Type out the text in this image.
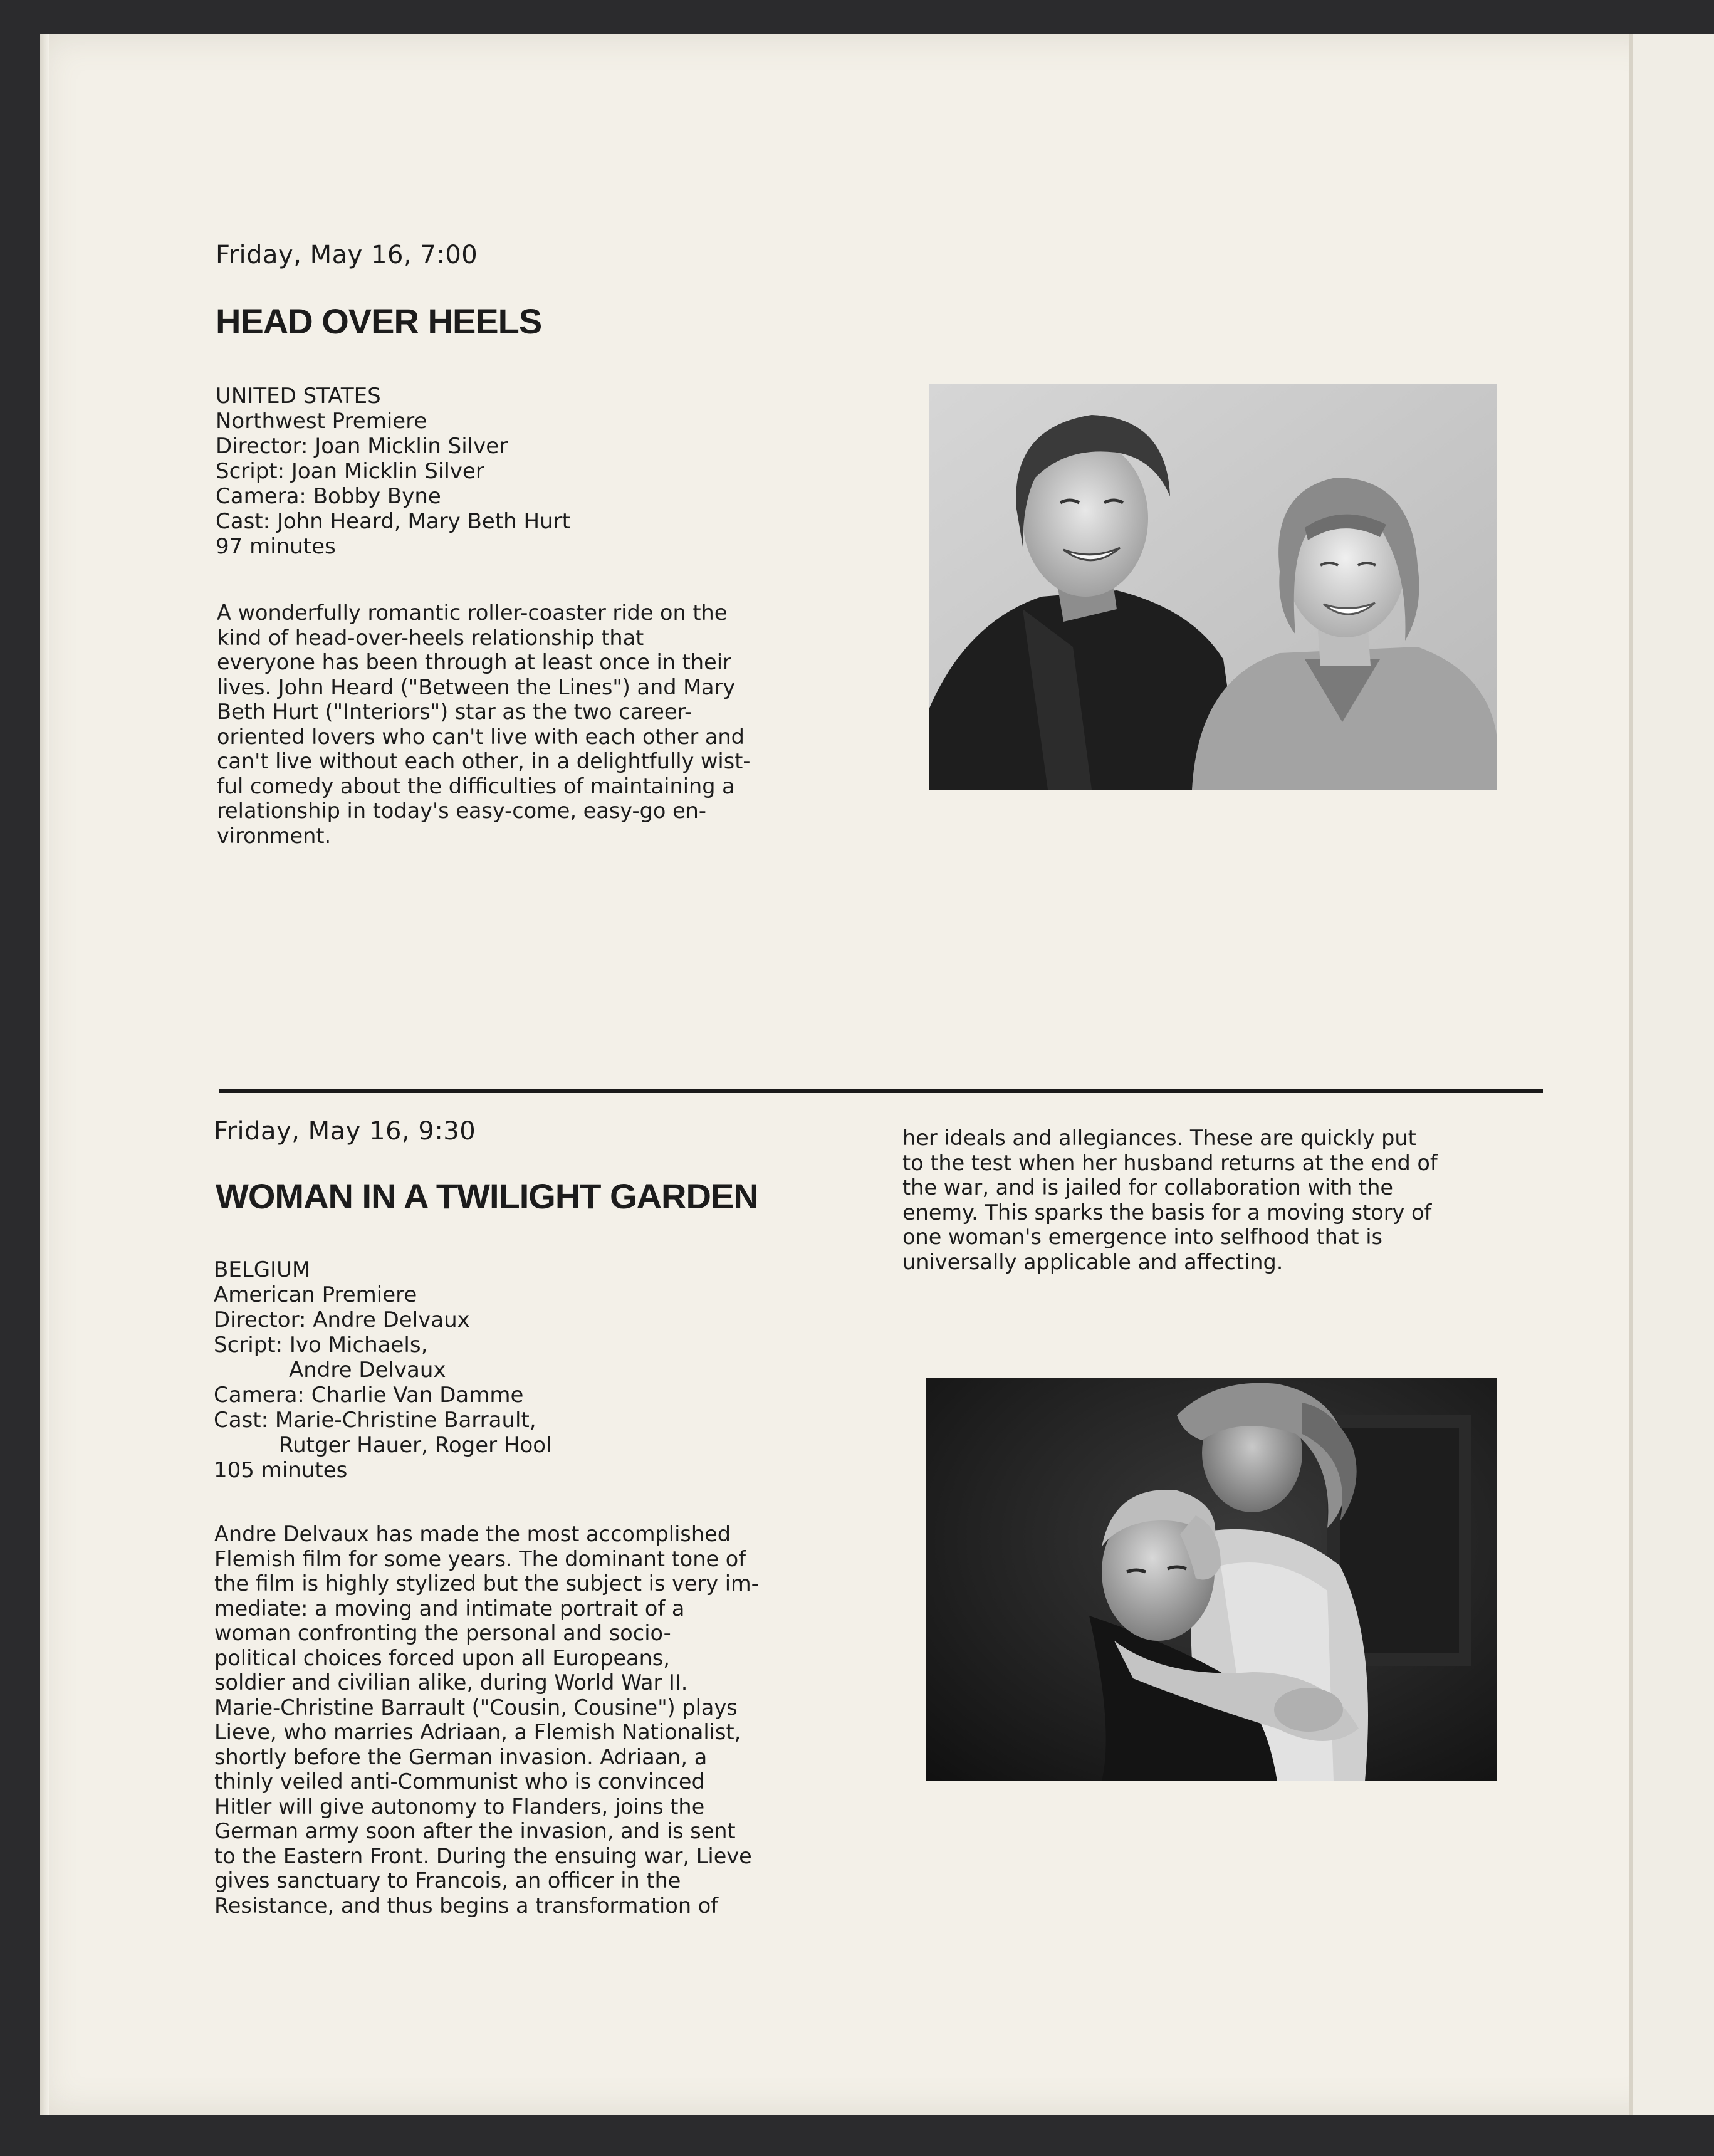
Friday, May 16, 7:00
HEAD OVER HEELS
UNITED STATES
Northwest Premiere
Director: Joan Micklin Silver
Script: Joan Micklin Silver
Camera: Bobby Byne
Cast: John Heard, Mary Beth Hurt
97 minutes
A wonderfully romantic roller-coaster ride on the
kind of head-over-heels relationship that
everyone has been through at least once in their
lives. John Heard ("Between the Lines") and Mary
Beth Hurt ("Interiors") star as the two career-
oriented lovers who can't live with each other and
can't live without each other, in a delightfully wist-
ful comedy about the difficulties of maintaining a
relationship in today's easy-come, easy-go en-
vironment.
Friday, May 16, 9:30
WOMAN IN A TWILIGHT GARDEN
BELGIUM
American Premiere
Director: Andre Delvaux
Script: Ivo Michaels,
Andre Delvaux
Camera: Charlie Van Damme
Cast: Marie-Christine Barrault,
Rutger Hauer, Roger Hool
105 minutes
Andre Delvaux has made the most accomplished
Flemish film for some years. The dominant tone of
the film is highly stylized but the subject is very im-
mediate: a moving and intimate portrait of a
woman confronting the personal and socio-
political choices forced upon all Europeans,
soldier and civilian alike, during World War II.
Marie-Christine Barrault ("Cousin, Cousine") plays
Lieve, who marries Adriaan, a Flemish Nationalist,
shortly before the German invasion. Adriaan, a
thinly veiled anti-Communist who is convinced
Hitler will give autonomy to Flanders, joins the
German army soon after the invasion, and is sent
to the Eastern Front. During the ensuing war, Lieve
gives sanctuary to Francois, an officer in the
Resistance, and thus begins a transformation of
her ideals and allegiances. These are quickly put
to the test when her husband returns at the end of
the war, and is jailed for collaboration with the
enemy. This sparks the basis for a moving story of
one woman's emergence into selfhood that is
universally applicable and affecting.
